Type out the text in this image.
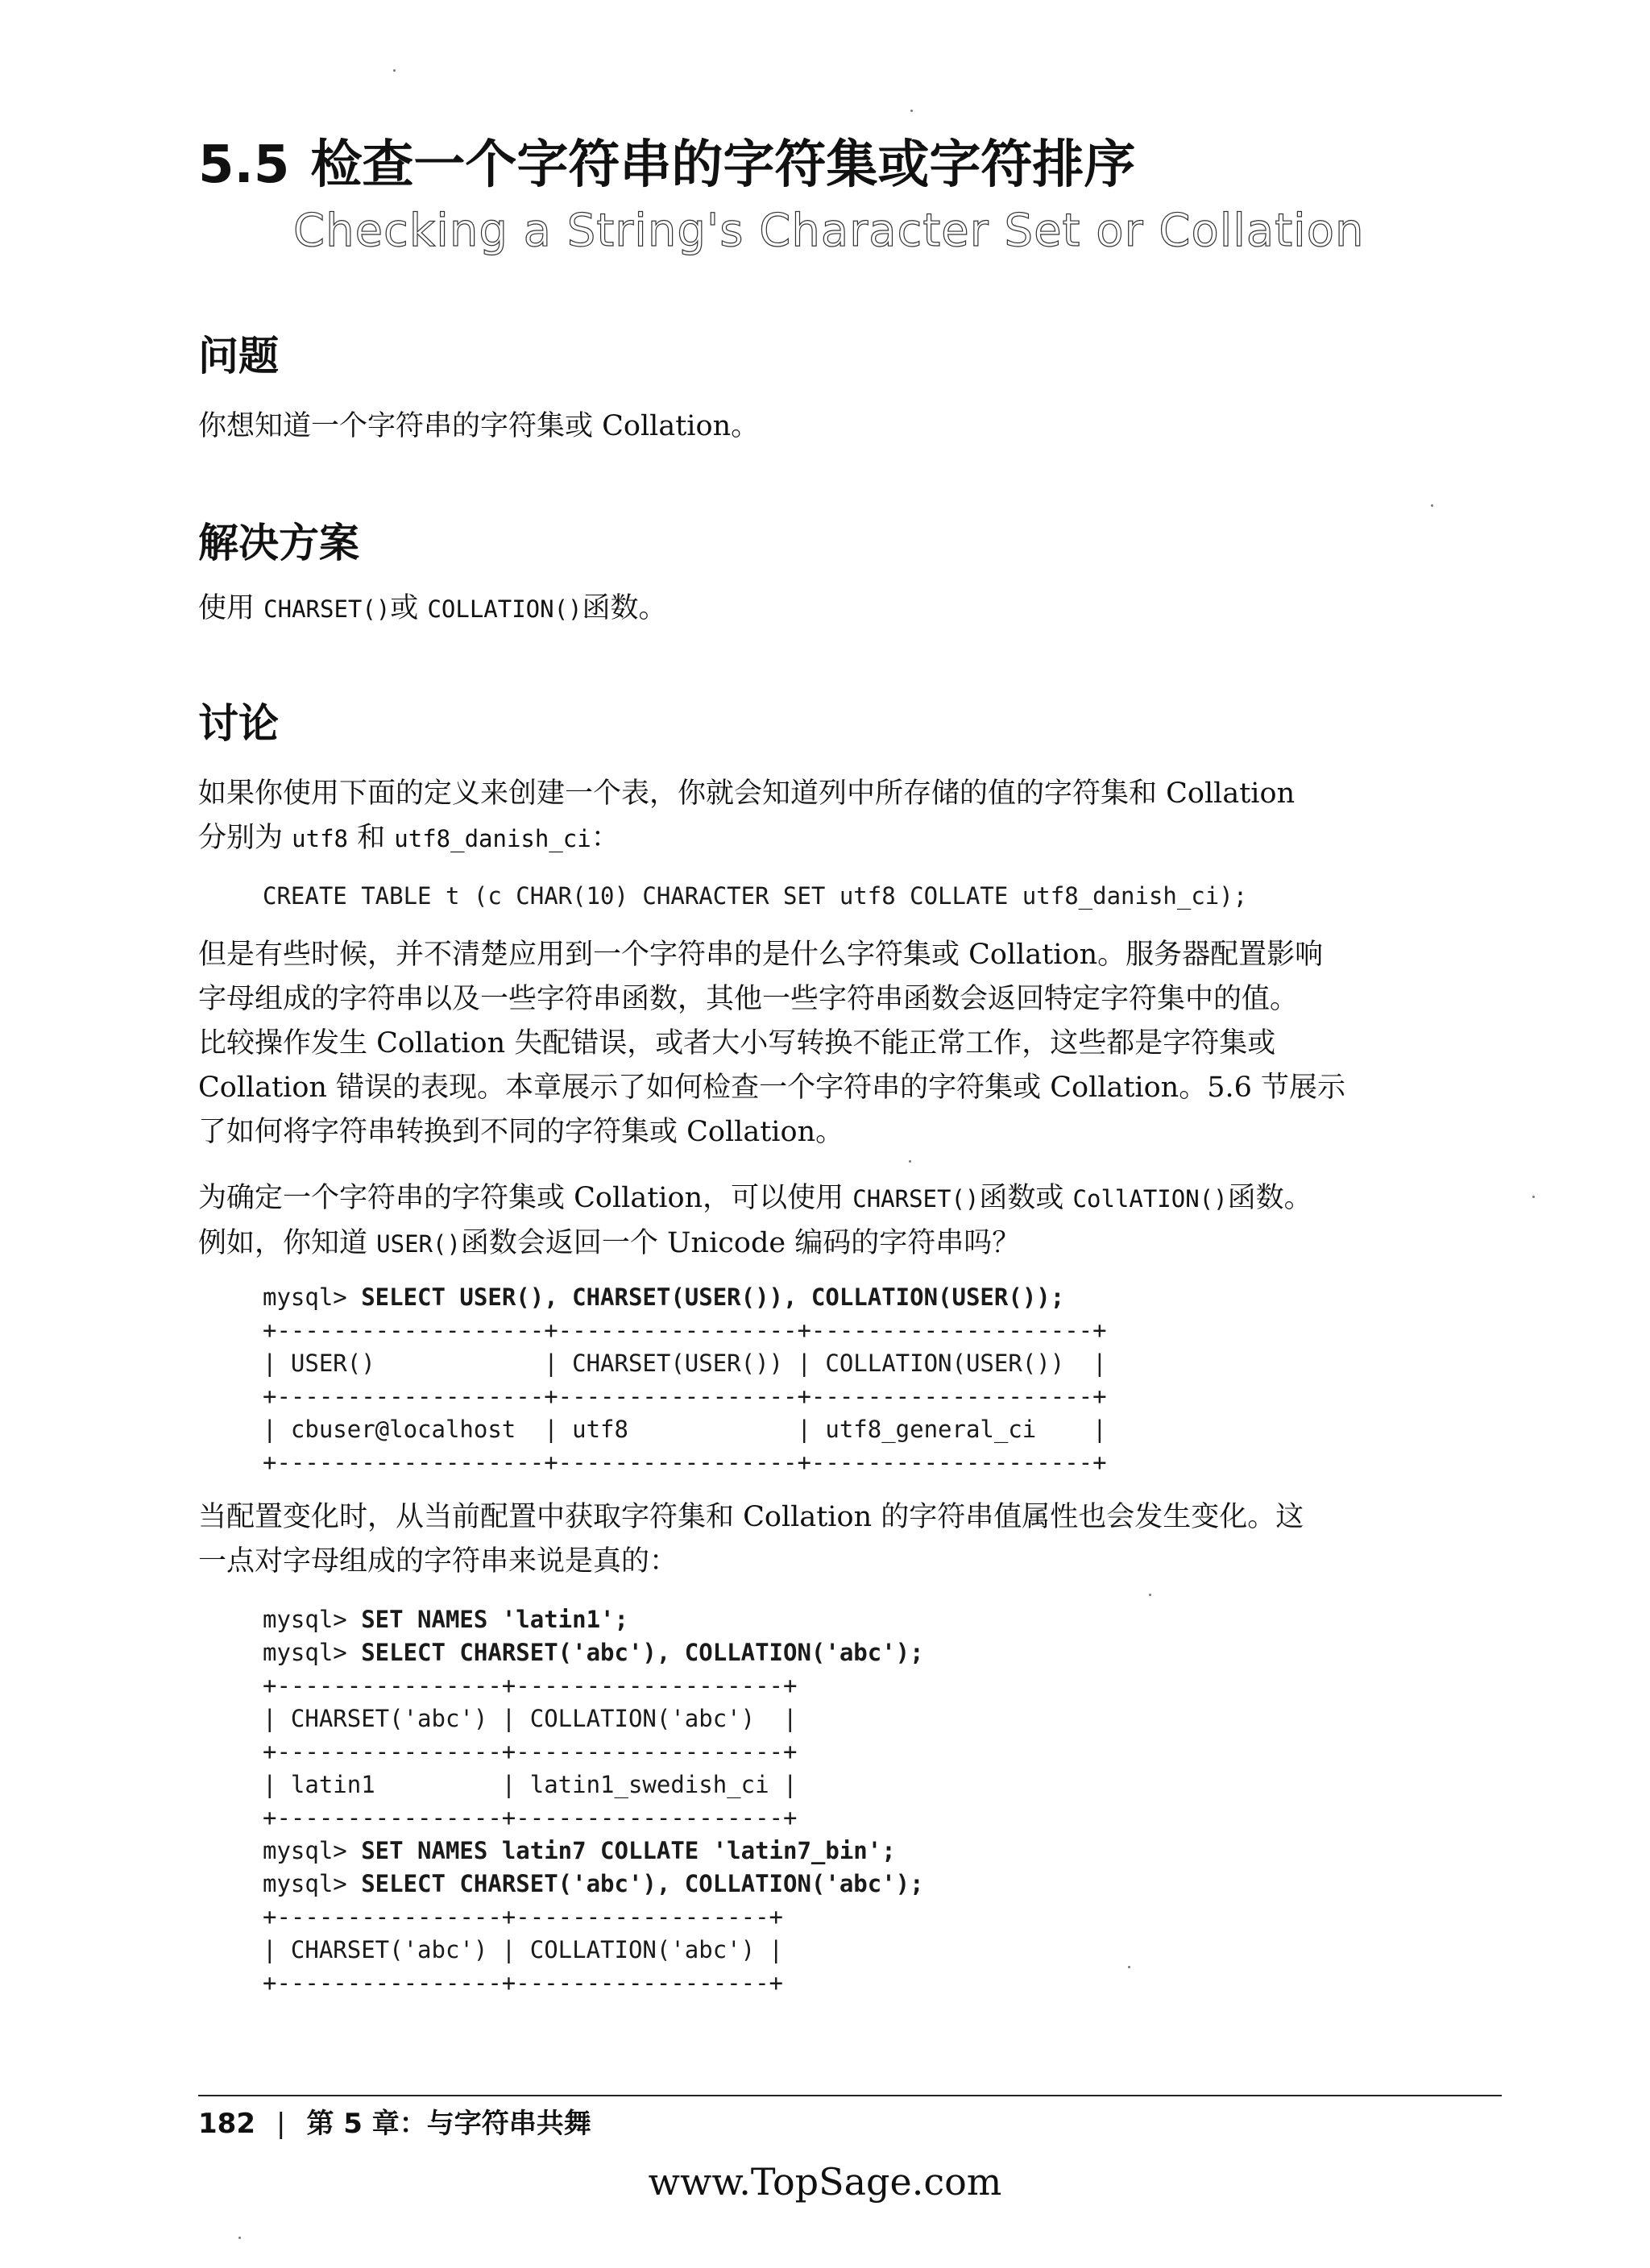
5.5 检查一个字符串的字符集或字符排序

Checking a String's Character Set or Collation

问题

你想知道一个字符串的字符集或 Collation。

解决方案

使用 CHARSET()或 COLLATION()函数。

讨论

如果你使用下面的定义来创建一个表，你就会知道列中所存储的值的字符集和 Collation
分别为 utf8 和 utf8_danish_ci：

CREATE TABLE t (c CHAR(10) CHARACTER SET utf8 COLLATE utf8_danish_ci);

但是有些时候，并不清楚应用到一个字符串的是什么字符集或 Collation。服务器配置影响
字母组成的字符串以及一些字符串函数，其他一些字符串函数会返回特定字符集中的值。
比较操作发生 Collation 失配错误，或者大小写转换不能正常工作，这些都是字符集或
Collation 错误的表现。本章展示了如何检查一个字符串的字符集或 Collation。5.6 节展示
了如何将字符串转换到不同的字符集或 Collation。

为确定一个字符串的字符集或 Collation，可以使用 CHARSET()函数或 CollATION()函数。
例如，你知道 USER()函数会返回一个 Unicode 编码的字符串吗？

mysql> SELECT USER(), CHARSET(USER()), COLLATION(USER());
+-------------------+-----------------+--------------------+
| USER()            | CHARSET(USER()) | COLLATION(USER())  |
+-------------------+-----------------+--------------------+
| cbuser@localhost  | utf8            | utf8_general_ci    |
+-------------------+-----------------+--------------------+

当配置变化时，从当前配置中获取字符集和 Collation 的字符串值属性也会发生变化。这
一点对字母组成的字符串来说是真的：

mysql> SET NAMES 'latin1';
mysql> SELECT CHARSET('abc'), COLLATION('abc');
+----------------+-------------------+
| CHARSET('abc') | COLLATION('abc')  |
+----------------+-------------------+
| latin1         | latin1_swedish_ci |
+----------------+-------------------+
mysql> SET NAMES latin7 COLLATE 'latin7_bin';
mysql> SELECT CHARSET('abc'), COLLATION('abc');
+----------------+------------------+
| CHARSET('abc') | COLLATION('abc') |
+----------------+------------------+

182 | 第 5 章：与字符串共舞

www.TopSage.com
